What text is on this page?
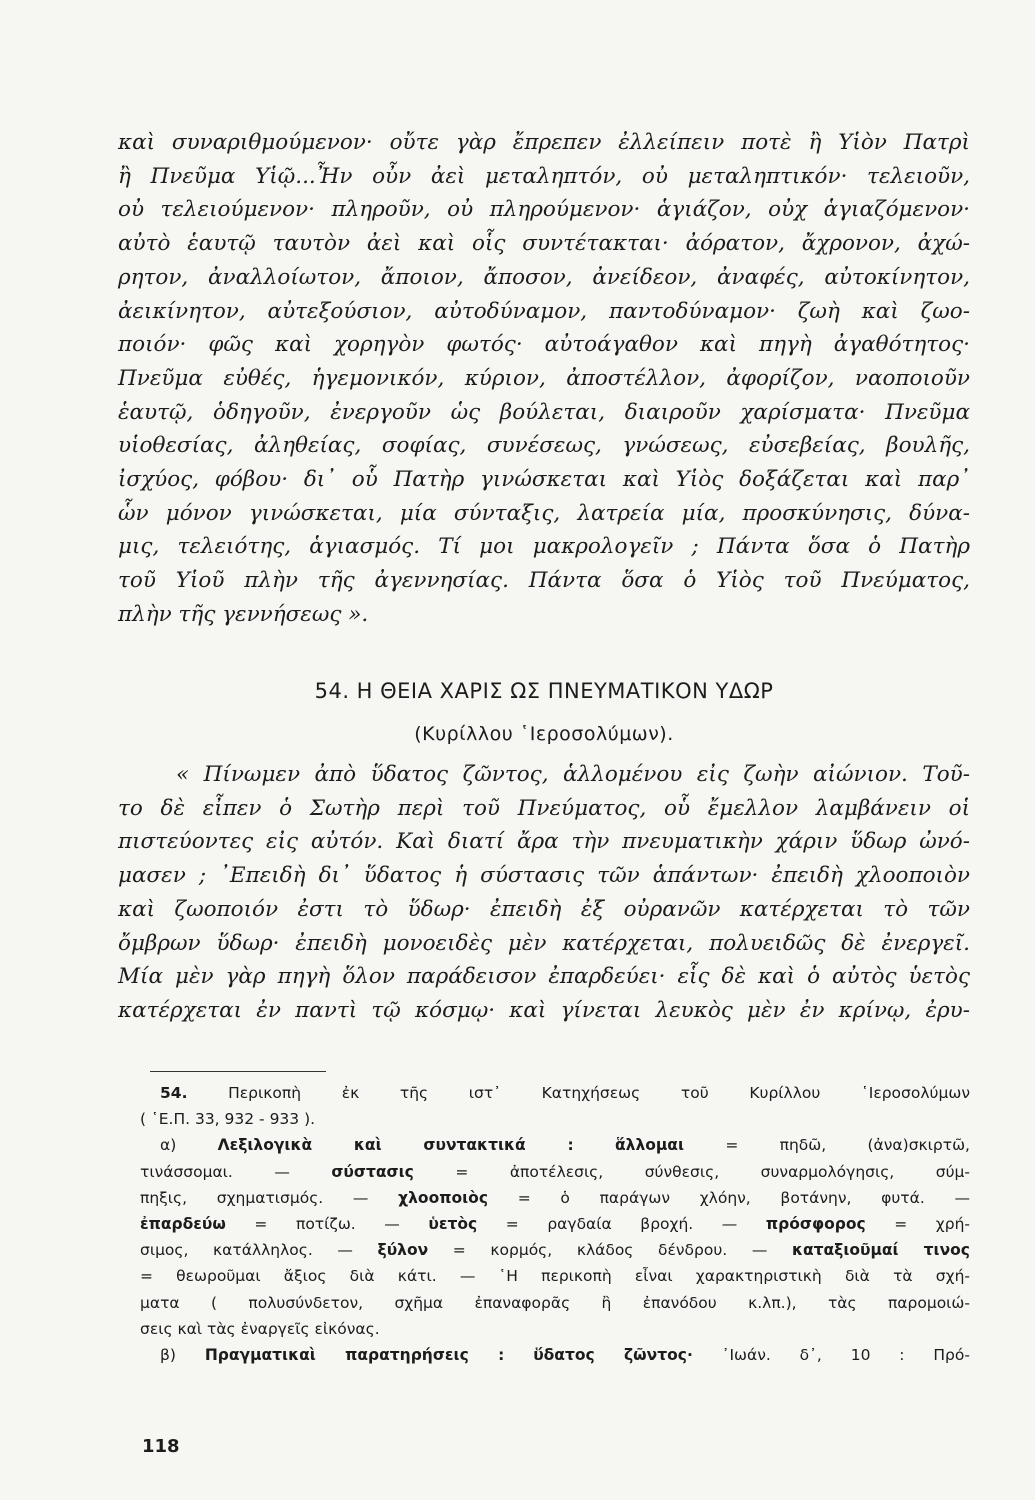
καὶ συναριθμούμενον· οὔτε γὰρ ἔπρεπεν ἐλλείπειν ποτὲ ἢ Υἱὸν Πατρὶ
ἢ Πνεῦμα Υἱῷ...Ἦν οὖν ἀεὶ μεταληπτόν, οὐ μεταληπτικόν· τελειοῦν,
οὐ τελειούμενον· πληροῦν, οὐ πληρούμενον· ἁγιάζον, οὐχ ἁγιαζόμενον·
αὐτὸ ἑαυτῷ ταυτὸν ἀεὶ καὶ οἷς συντέτακται· ἀόρατον, ἄχρονον, ἀχώ-
ρητον, ἀναλλοίωτον, ἄποιον, ἄποσον, ἀνείδεον, ἀναφές, αὐτοκίνητον,
ἀεικίνητον, αὐτεξούσιον, αὐτοδύναμον, παντοδύναμον· ζωὴ καὶ ζωο-
ποιόν· φῶς καὶ χορηγὸν φωτός· αὐτοάγαθον καὶ πηγὴ ἀγαθότητος·
Πνεῦμα εὐθές, ἡγεμονικόν, κύριον, ἀποστέλλον, ἀφορίζον, ναοποιοῦν
ἑαυτῷ, ὁδηγοῦν, ἐνεργοῦν ὡς βούλεται, διαιροῦν χαρίσματα· Πνεῦμα
υἱοθεσίας, ἀληθείας, σοφίας, συνέσεως, γνώσεως, εὐσεβείας, βουλῆς,
ἰσχύος, φόβου· δι᾽ οὗ Πατὴρ γινώσκεται καὶ Υἱὸς δοξάζεται καὶ παρ᾽
ὧν μόνον γινώσκεται, μία σύνταξις, λατρεία μία, προσκύνησις, δύνα-
μις, τελειότης, ἁγιασμός. Τί μοι μακρολογεῖν ; Πάντα ὅσα ὁ Πατὴρ
τοῦ Υἱοῦ πλὴν τῆς ἀγεννησίας. Πάντα ὅσα ὁ Υἱὸς τοῦ Πνεύματος,
πλὴν τῆς γεννήσεως ».
54. Η ΘΕΙΑ ΧΑΡΙΣ ΩΣ ΠΝΕΥΜΑΤΙΚΟΝ ΥΔΩΡ
(Κυρίλλου ῾Ιεροσολύμων).
« Πίνωμεν ἀπὸ ὕδατος ζῶντος, ἁλλομένου εἰς ζωὴν αἰώνιον. Τοῦ-
το δὲ εἶπεν ὁ Σωτὴρ περὶ τοῦ Πνεύματος, οὗ ἔμελλον λαμβάνειν οἱ
πιστεύοντες εἰς αὐτόν. Καὶ διατί ἄρα τὴν πνευματικὴν χάριν ὕδωρ ὠνό-
μασεν ; ᾿Επειδὴ δι᾽ ὕδατος ἡ σύστασις τῶν ἁπάντων· ἐπειδὴ χλοοποιὸν
καὶ ζωοποιόν ἐστι τὸ ὕδωρ· ἐπειδὴ ἐξ οὐρανῶν κατέρχεται τὸ τῶν
ὄμβρων ὕδωρ· ἐπειδὴ μονοειδὲς μὲν κατέρχεται, πολυειδῶς δὲ ἐνεργεῖ.
Μία μὲν γὰρ πηγὴ ὅλον παράδεισον ἐπαρδεύει· εἷς δὲ καὶ ὁ αὐτὸς ὑετὸς
κατέρχεται ἐν παντὶ τῷ κόσμῳ· καὶ γίνεται λευκὸς μὲν ἐν κρίνῳ, ἐρυ-
54. Περικοπὴ ἐκ τῆς ιστ᾽ Κατηχήσεως τοῦ Κυρίλλου ῾Ιεροσολύμων
( ῾Ε.Π. 33, 932 - 933 ).
α) Λεξιλογικὰ καὶ συντακτικά :	ἅλλομαι = πηδῶ, (ἀνα)σκιρτῶ,
τινάσσομαι. — σύστασις = ἀποτέλεσις, σύνθεσις, συναρμολόγησις, σύμ-
πηξις, σχηματισμός. — χλοοποιὸς = ὁ παράγων χλόην, βοτάνην, φυτά. —
ἐπαρδεύω = ποτίζω. — ὑετὸς = ραγδαία βροχή. — πρόσφορος = χρή-
σιμος, κατάλληλος. — ξύλον = κορμός, κλάδος δένδρου. — καταξιοῦμαί τινος
= θεωροῦμαι ἄξιος διὰ κάτι. — ῾Η περικοπὴ εἶναι χαρακτηριστικὴ διὰ τὰ σχή-
ματα ( πολυσύνδετον, σχῆμα ἐπαναφορᾶς ἢ ἐπανόδου κ.λπ.), τὰς παρομοιώ-
σεις καὶ τὰς ἐναργεῖς εἰκόνας.
β) Πραγματικαὶ παρατηρήσεις : ὕδατος ζῶντος· ᾿Ιωάν. δ᾽, 10 : Πρό-
118
